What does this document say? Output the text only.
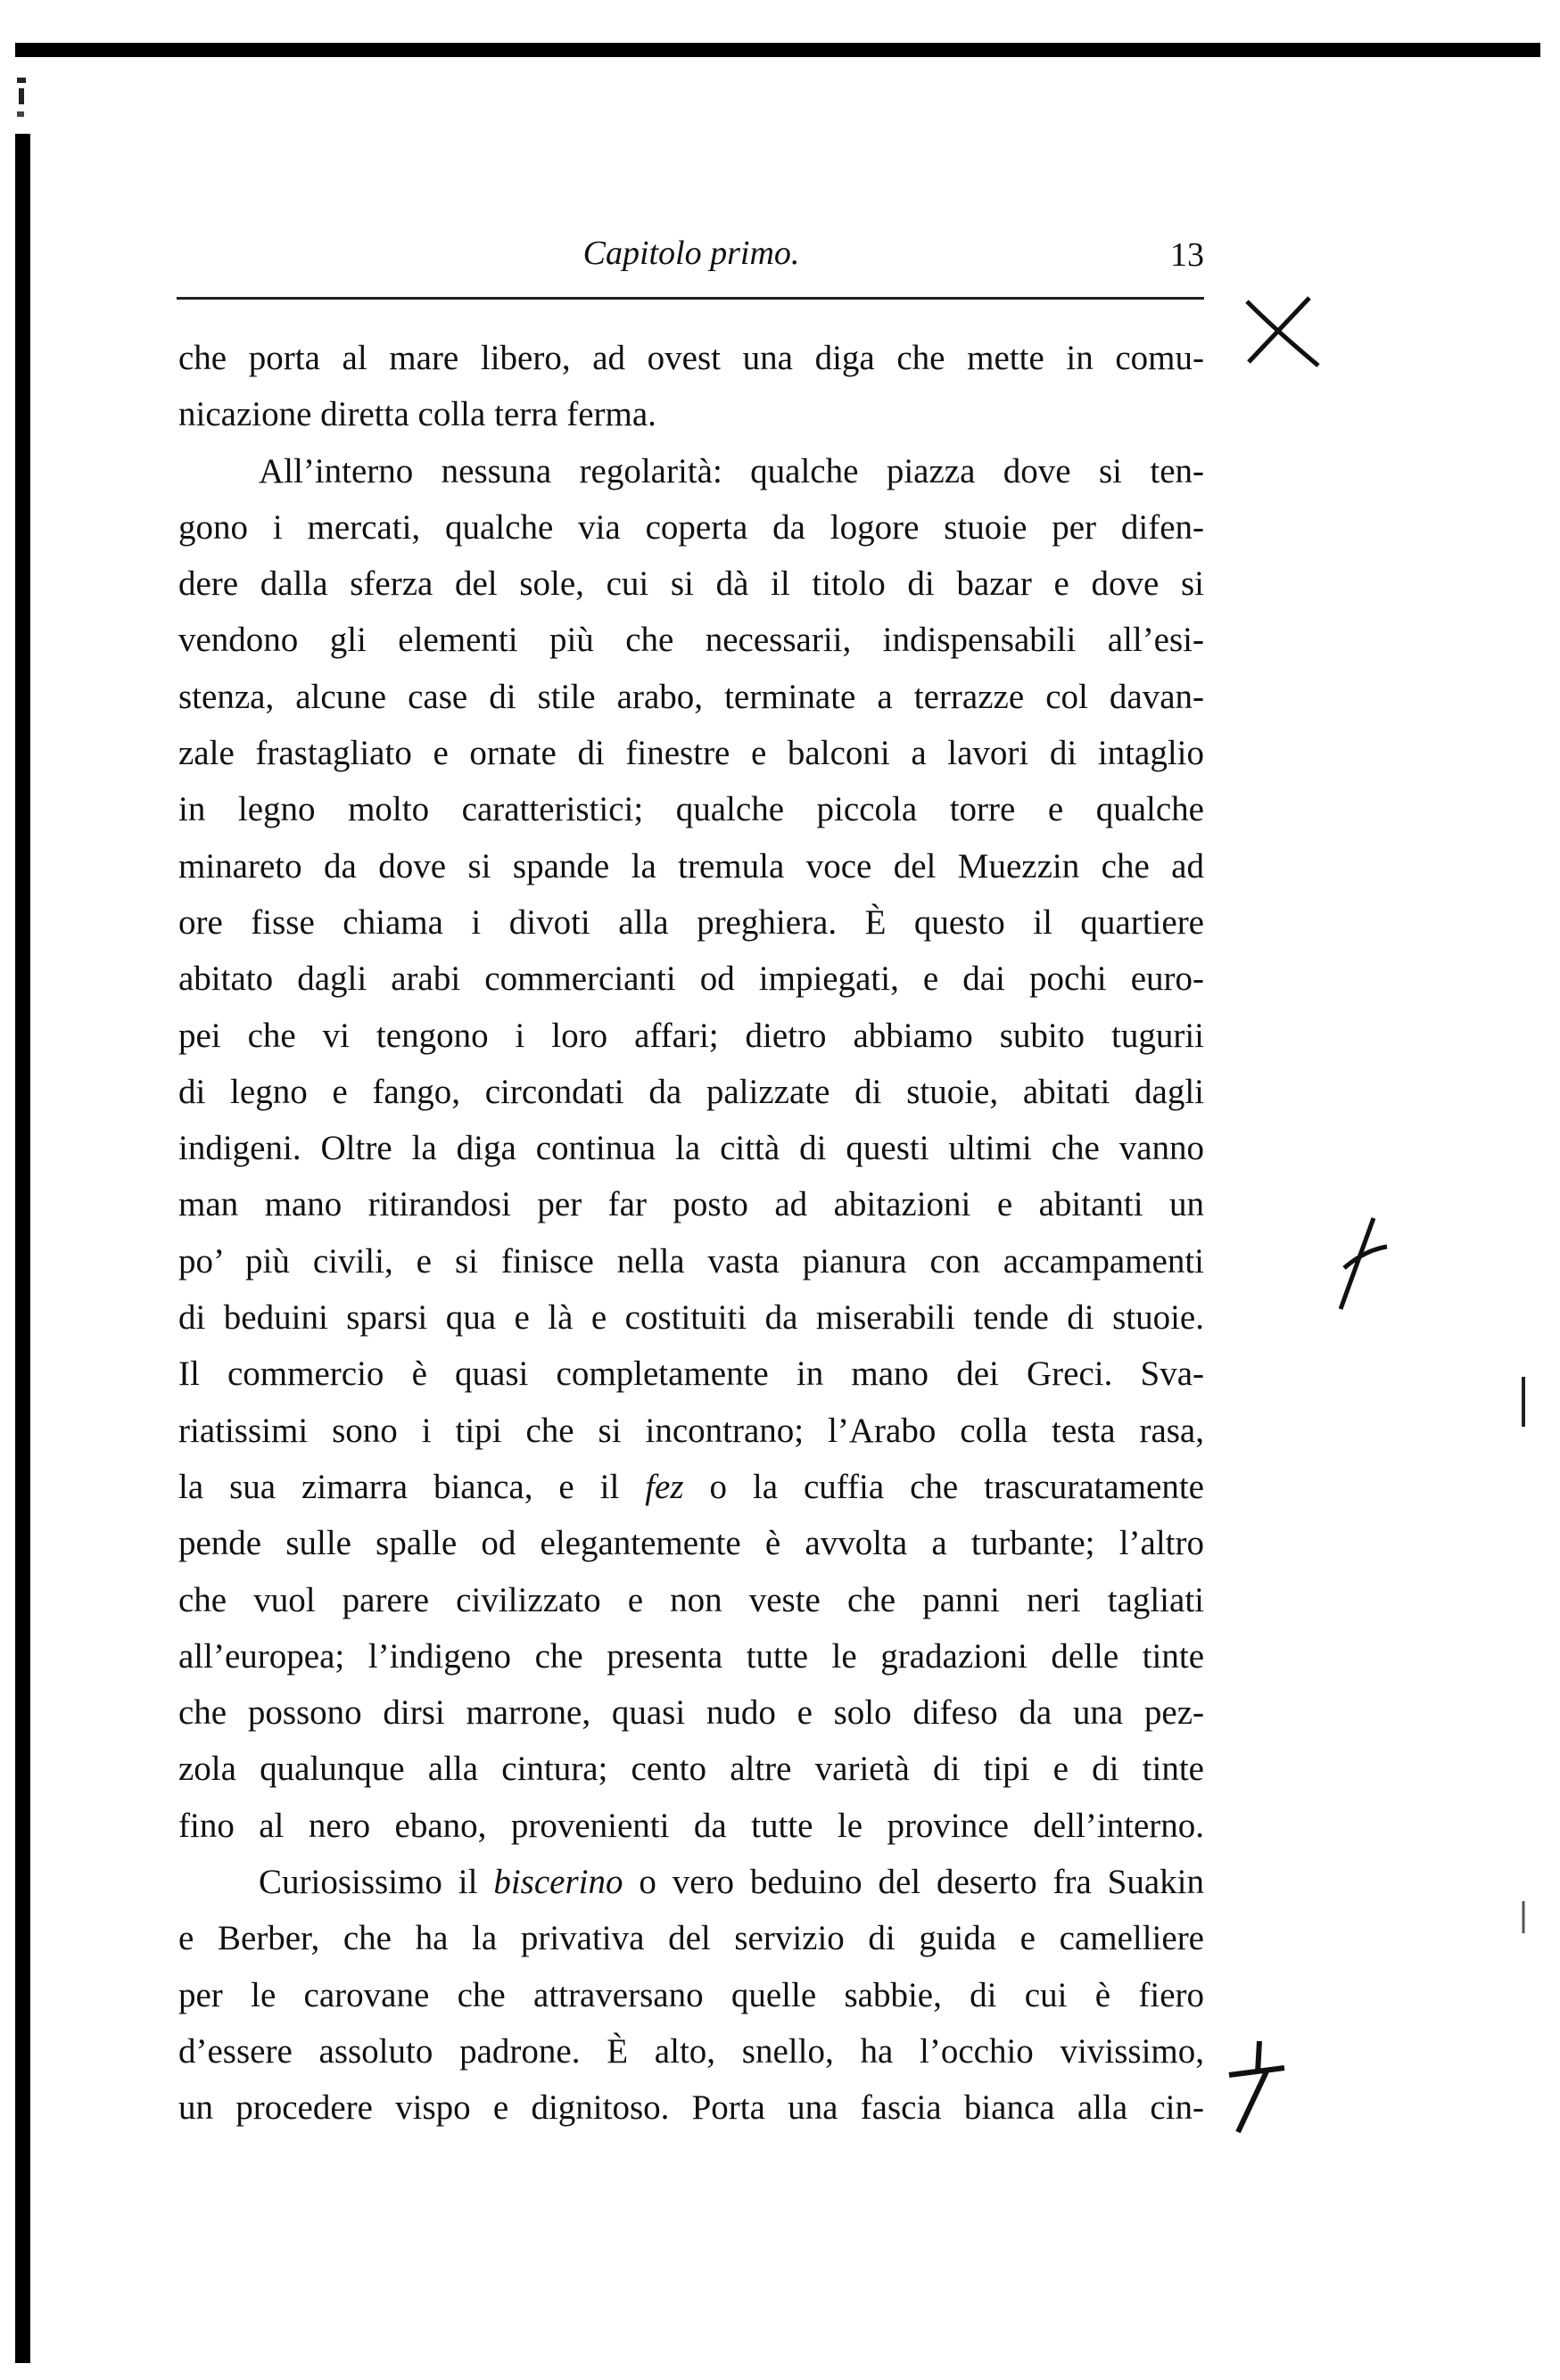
Capitolo primo.	13
che porta al mare libero, ad ovest una diga che mette in comu-
nicazione diretta colla terra ferma.
All’interno nessuna regolarità: qualche piazza dove si ten-
gono i mercati, qualche via coperta da logore stuoie per difen-
dere dalla sferza del sole, cui si dà il titolo di bazar e dove si
vendono gli elementi più che necessarii, indispensabili all’esi-
stenza, alcune case di stile arabo, terminate a terrazze col davan-
zale frastagliato e ornate di finestre e balconi a lavori di intaglio
in legno molto caratteristici; qualche piccola torre e qualche
minareto da dove si spande la tremula voce del Muezzin che ad
ore fisse chiama i divoti alla preghiera. È questo il quartiere
abitato dagli arabi commercianti od impiegati, e dai pochi euro-
pei che vi tengono i loro affari; dietro abbiamo subito tugurii
di legno e fango, circondati da palizzate di stuoie, abitati dagli
indigeni. Oltre la diga continua la città di questi ultimi che vanno
man mano ritirandosi per far posto ad abitazioni e abitanti un
po’ più civili, e si finisce nella vasta pianura con accampamenti
di beduini sparsi qua e là e costituiti da miserabili tende di stuoie.
Il commercio è quasi completamente in mano dei Greci. Sva-
riatissimi sono i tipi che si incontrano; l’Arabo colla testa rasa,
la sua zimarra bianca, e il fez o la cuffia che trascuratamente
pende sulle spalle od elegantemente è avvolta a turbante; l’altro
che vuol parere civilizzato e non veste che panni neri tagliati
all’europea; l’indigeno che presenta tutte le gradazioni delle tinte
che possono dirsi marrone, quasi nudo e solo difeso da una pez-
zola qualunque alla cintura; cento altre varietà di tipi e di tinte
fino al nero ebano, provenienti da tutte le province dell’interno.
Curiosissimo il biscerino o vero beduino del deserto fra Suakin
e Berber, che ha la privativa del servizio di guida e camelliere
per le carovane che attraversano quelle sabbie, di cui è fiero
d’essere assoluto padrone. È alto, snello, ha l’occhio vivissimo,
un procedere vispo e dignitoso. Porta una fascia bianca alla cin-
